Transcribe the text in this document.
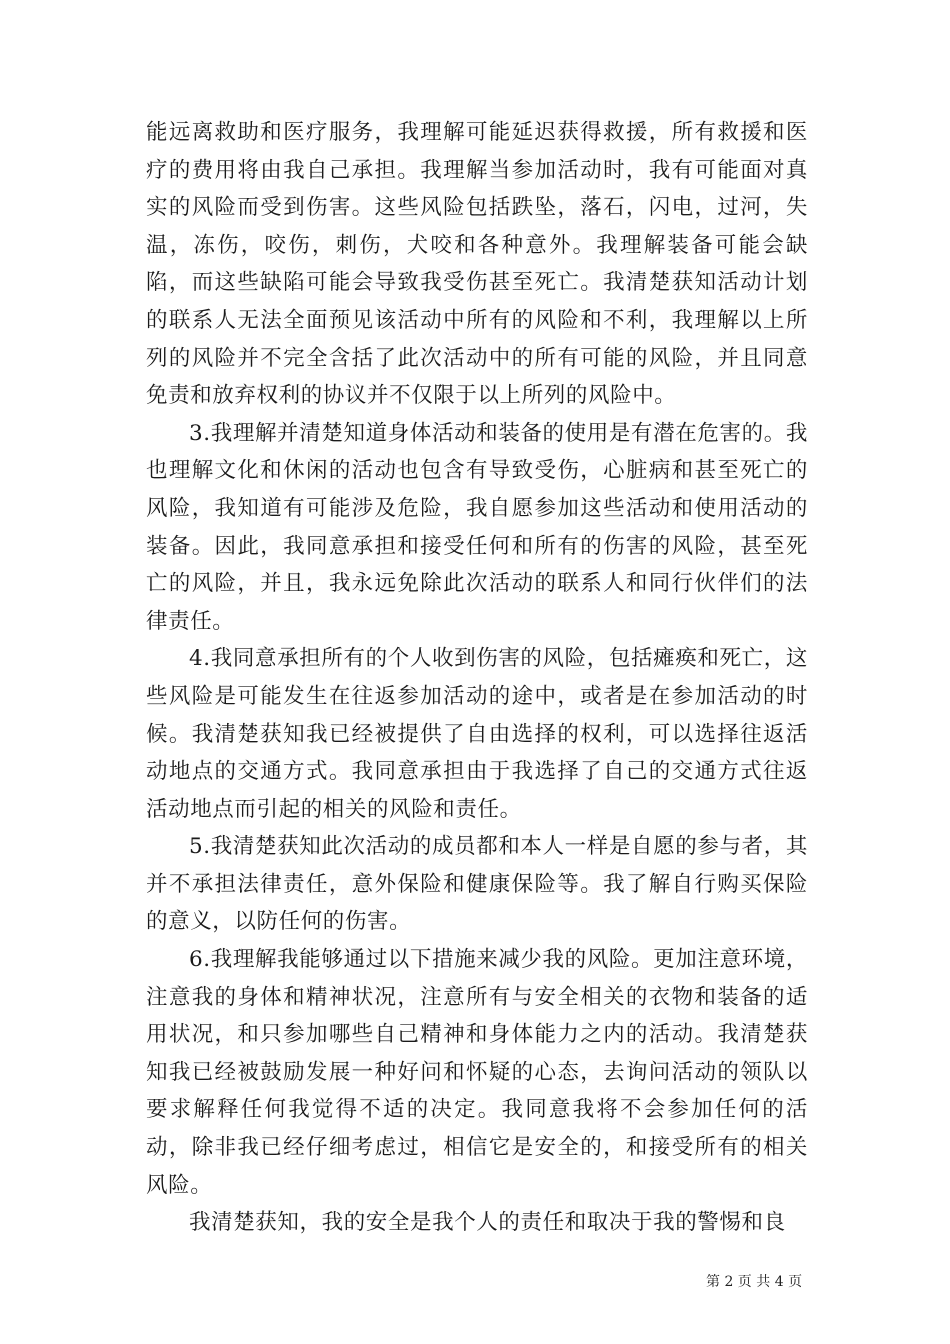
能远离救助和医疗服务，我理解可能延迟获得救援，所有救援和医疗的费用将由我自己承担。我理解当参加活动时，我有可能面对真实的风险而受到伤害。这些风险包括跌坠，落石，闪电，过河，失温，冻伤，咬伤，刺伤，犬咬和各种意外。我理解装备可能会缺陷，而这些缺陷可能会导致我受伤甚至死亡。我清楚获知活动计划的联系人无法全面预见该活动中所有的风险和不利，我理解以上所列的风险并不完全含括了此次活动中的所有可能的风险，并且同意免责和放弃权利的协议并不仅限于以上所列的风险中。

3.我理解并清楚知道身体活动和装备的使用是有潜在危害的。我也理解文化和休闲的活动也包含有导致受伤，心脏病和甚至死亡的风险，我知道有可能涉及危险，我自愿参加这些活动和使用活动的装备。因此，我同意承担和接受任何和所有的伤害的风险，甚至死亡的风险，并且，我永远免除此次活动的联系人和同行伙伴们的法律责任。

4.我同意承担所有的个人收到伤害的风险，包括瘫痪和死亡，这些风险是可能发生在往返参加活动的途中，或者是在参加活动的时候。我清楚获知我已经被提供了自由选择的权利，可以选择往返活动地点的交通方式。我同意承担由于我选择了自己的交通方式往返活动地点而引起的相关的风险和责任。

5.我清楚获知此次活动的成员都和本人一样是自愿的参与者，其并不承担法律责任，意外保险和健康保险等。我了解自行购买保险的意义，以防任何的伤害。

6.我理解我能够通过以下措施来减少我的风险。更加注意环境，注意我的身体和精神状况，注意所有与安全相关的衣物和装备的适用状况，和只参加哪些自己精神和身体能力之内的活动。我清楚获知我已经被鼓励发展一种好问和怀疑的心态，去询问活动的领队以要求解释任何我觉得不适的决定。我同意我将不会参加任何的活动，除非我已经仔细考虑过，相信它是安全的，和接受所有的相关风险。

我清楚获知，我的安全是我个人的责任和取决于我的警惕和良

第 2 页 共 4 页
